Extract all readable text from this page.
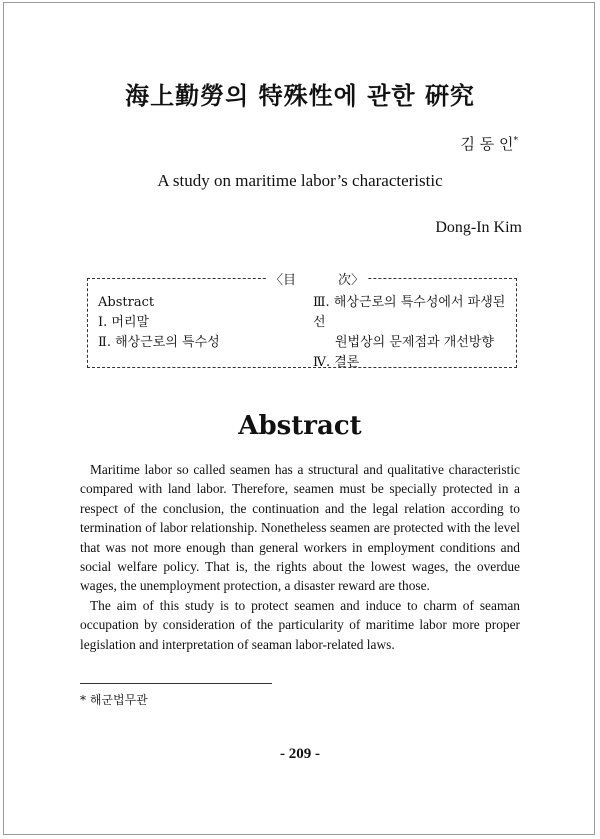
海上勤勞의 特殊性에 관한 硏究
김 동 인*
A study on maritime labor’s characteristic
Dong-In Kim
〈目	次〉
Abstract
Ⅰ. 머리말
Ⅱ. 해상근로의 특수성
Ⅲ. 해상근로의 특수성에서 파생된 선
원법상의 문제점과 개선방향
Ⅳ. 결론
Abstract

Maritime labor so called seamen has a structural and qualitative characteristic compared with land labor. Therefore, seamen must be specially protected in a respect of the conclusion, the continuation and the legal relation according to termination of labor relationship. Nonetheless seamen are protected with the level that was not more enough than general workers in employment conditions and social welfare policy. That is, the rights about the lowest wages, the overdue wages, the unemployment protection, a disaster reward are those.

The aim of this study is to protect seamen and induce to charm of seaman occupation by consideration of the particularity of maritime labor more proper legislation and interpretation of seaman labor-related laws.

* 해군법무관
- 209 -
